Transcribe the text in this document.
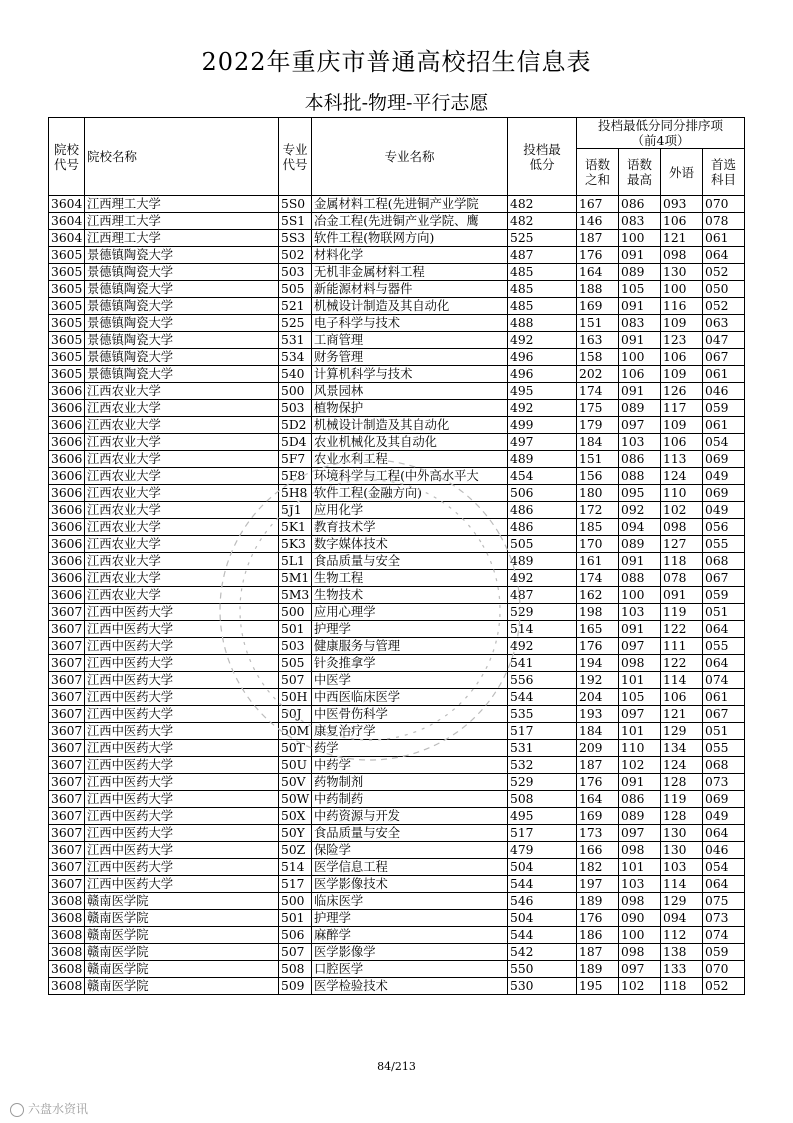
2022年重庆市普通高校招生信息表
本科批-物理-平行志愿
院校代号	院校名称	专业代号	专业名称	投档最低分	投档最低分同分排序项（前4项）			
					语数之和	语数最高	外语	首选科目
3604	江西理工大学	5S0	金属材料工程(先进铜产业学院	482	167	086	093	070
3604	江西理工大学	5S1	冶金工程(先进铜产业学院、鹰	482	146	083	106	078
3604	江西理工大学	5S3	软件工程(物联网方向)	525	187	100	121	061
3605	景德镇陶瓷大学	502	材料化学	487	176	091	098	064
3605	景德镇陶瓷大学	503	无机非金属材料工程	485	164	089	130	052
3605	景德镇陶瓷大学	505	新能源材料与器件	485	188	105	100	050
3605	景德镇陶瓷大学	521	机械设计制造及其自动化	485	169	091	116	052
3605	景德镇陶瓷大学	525	电子科学与技术	488	151	083	109	063
3605	景德镇陶瓷大学	531	工商管理	492	163	091	123	047
3605	景德镇陶瓷大学	534	财务管理	496	158	100	106	067
3605	景德镇陶瓷大学	540	计算机科学与技术	496	202	106	109	061
3606	江西农业大学	500	风景园林	495	174	091	126	046
3606	江西农业大学	503	植物保护	492	175	089	117	059
3606	江西农业大学	5D2	机械设计制造及其自动化	499	179	097	109	061
3606	江西农业大学	5D4	农业机械化及其自动化	497	184	103	106	054
3606	江西农业大学	5F7	农业水利工程	489	151	086	113	069
3606	江西农业大学	5F8	环境科学与工程(中外高水平大	454	156	088	124	049
3606	江西农业大学	5H8	软件工程(金融方向)	506	180	095	110	069
3606	江西农业大学	5J1	应用化学	486	172	092	102	049
3606	江西农业大学	5K1	教育技术学	486	185	094	098	056
3606	江西农业大学	5K3	数字媒体技术	505	170	089	127	055
3606	江西农业大学	5L1	食品质量与安全	489	161	091	118	068
3606	江西农业大学	5M1	生物工程	492	174	088	078	067
3606	江西农业大学	5M3	生物技术	487	162	100	091	059
3607	江西中医药大学	500	应用心理学	529	198	103	119	051
3607	江西中医药大学	501	护理学	514	165	091	122	064
3607	江西中医药大学	503	健康服务与管理	492	176	097	111	055
3607	江西中医药大学	505	针灸推拿学	541	194	098	122	064
3607	江西中医药大学	507	中医学	556	192	101	114	074
3607	江西中医药大学	50H	中西医临床医学	544	204	105	106	061
3607	江西中医药大学	50J	中医骨伤科学	535	193	097	121	067
3607	江西中医药大学	50M	康复治疗学	517	184	101	129	051
3607	江西中医药大学	50T	药学	531	209	110	134	055
3607	江西中医药大学	50U	中药学	532	187	102	124	068
3607	江西中医药大学	50V	药物制剂	529	176	091	128	073
3607	江西中医药大学	50W	中药制药	508	164	086	119	069
3607	江西中医药大学	50X	中药资源与开发	495	169	089	128	049
3607	江西中医药大学	50Y	食品质量与安全	517	173	097	130	064
3607	江西中医药大学	50Z	保险学	479	166	098	130	046
3607	江西中医药大学	514	医学信息工程	504	182	101	103	054
3607	江西中医药大学	517	医学影像技术	544	197	103	114	064
3608	赣南医学院	500	临床医学	546	189	098	129	075
3608	赣南医学院	501	护理学	504	176	090	094	073
3608	赣南医学院	506	麻醉学	544	186	100	112	074
3608	赣南医学院	507	医学影像学	542	187	098	138	059
3608	赣南医学院	508	口腔医学	550	189	097	133	070
3608	赣南医学院	509	医学检验技术	530	195	102	118	052
84/213
六盘水资讯
